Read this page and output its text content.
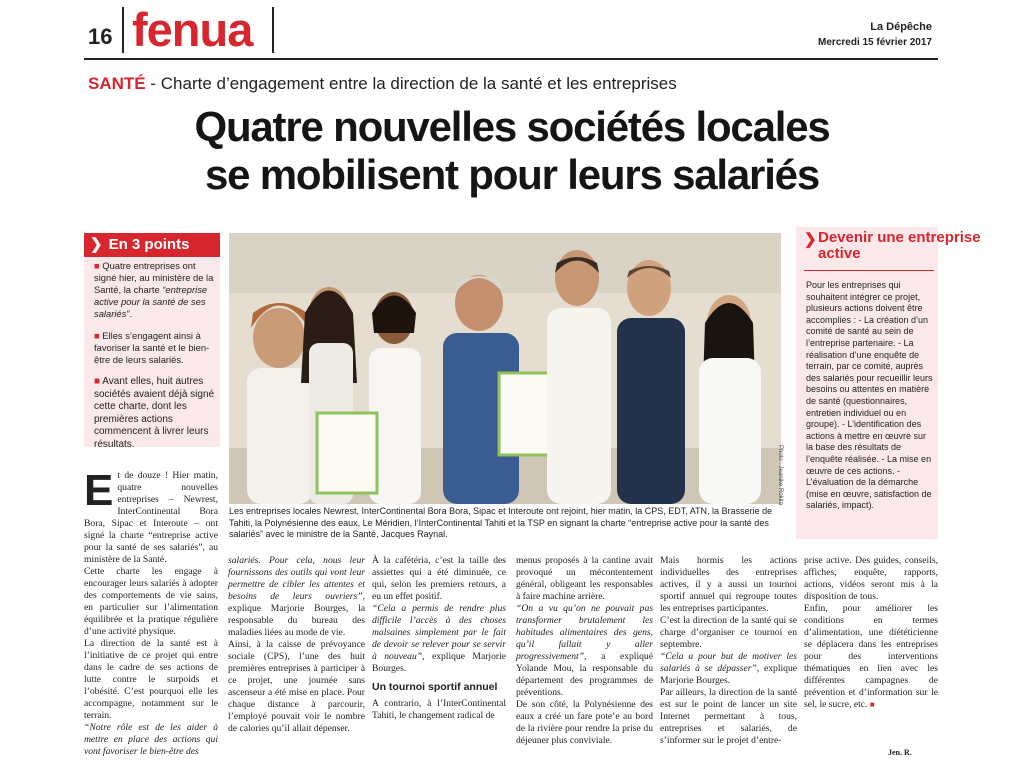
16 fenua	La Dépêche
Mercredi 15 février 2017
SANTÉ - Charte d’engagement entre la direction de la santé et les entreprises
Quatre nouvelles sociétés locales
se mobilisent pour leurs salariés
❯ En 3 points

■ Quatre entreprises ont signé hier, au ministère de la Santé, la charte “entreprise active pour la santé de ses salariés”.

■ Elles s’engagent ainsi à favoriser la santé et le bien-être de leurs salariés.

■ Avant elles, huit autres sociétés avaient déjà signé cette charte, dont les premières actions commencent à livrer leurs résultats.

Photo : Jeanike Rokita
Les entreprises locales Newrest, InterContinental Bora Bora, Sipac et Interoute ont rejoint, hier matin, la CPS, EDT, ATN, la Brasserie de Tahiti, la Polynésienne des eaux, Le Méridien, l’InterContinental Tahiti et la TSP en signant la charte “entreprise active pour la santé des salariés” avec le ministre de la Santé, Jacques Raynal.
❯ Devenir une entreprise active
Pour les entreprises qui souhaitent intégrer ce projet, plusieurs actions doivent être accomplies : - La création d’un comité de santé au sein de l’entreprise partenaire. - La réalisation d’une enquête de terrain, par ce comité, auprès des salariés pour recueillir leurs besoins ou attentes en matière de santé (questionnaires, entretien individuel ou en groupe). - L’identification des actions à mettre en œuvre sur la base des résultats de l’enquête réalisée. - La mise en œuvre de ces actions. - L’évaluation de la démarche (mise en œuvre, satisfaction de salariés, impact).
E t de douze ! Hier matin, quatre nouvelles entreprises – Newrest, InterContinental Bora Bora, Sipac et Interoute – ont signé la charte “entreprise active pour la santé de ses salariés”, au ministère de la Santé.

Cette charte les engage à encourager leurs salariés à adopter des comportements de vie sains, en particulier sur l’alimentation équilibrée et la pratique régulière d’une activité physique.

La direction de la santé est à l’initiative de ce projet qui entre dans le cadre de ses actions de lutte contre le surpoids et l’obésité. C’est pourquoi elle les accompagne, notamment sur le terrain.

“Notre rôle est de les aider à mettre en place des actions qui vont favoriser le bien-être des

salariés. Pour cela, nous leur fournissons des outils qui vont leur permettre de cibler les attentes et besoins de leurs ouvriers”, explique Marjorie Bourges, la responsable du bureau des maladies liées au mode de vie.

Ainsi, à la caisse de prévoyance sociale (CPS), l’une des huit premières entreprises à participer à ce projet, une journée sans ascenseur a été mise en place. Pour chaque distance à parcourir, l’employé pouvait voir le nombre de calories qu’il allait dépenser.

À la cafétéria, c’est la taille des assiettes qui a été diminuée, ce qui, selon les premiers retours, a eu un effet positif.

“Cela a permis de rendre plus difficile l’accès à des choses malsaines simplement par le fait de devoir se relever pour se servir à nouveau”, explique Marjorie Bourges.

Un tournoi sportif annuel

A contrario, à l’InterContinental Tahiti, le changement radical de

menus proposés à la cantine avait provoqué un mécontentement général, obligeant les responsables à faire machine arrière.

“On a vu qu’on ne pouvait pas transformer brutalement les habitudes alimentaires des gens, qu’il fallait y aller progressivement”, a expliqué Yolande Mou, la responsable du département des programmes de préventions.

De son côté, la Polynésienne des eaux a créé un fare pote’e au bord de la rivière pour rendre la prise du déjeuner plus conviviale.

Mais hormis les actions individuelles des entreprises actives, il y a aussi un tournoi sportif annuel qui regroupe toutes les entreprises participantes.

C’est la direction de la santé qui se charge d’organiser ce tournoi en septembre.

“Cela a pour but de motiver les salariés à se dépasser”, explique Marjorie Bourges.

Par ailleurs, la direction de la santé est sur le point de lancer un site Internet permettant à tous, entreprises et salariés, de s’informer sur le projet d’entre-

prise active. Des guides, conseils, affiches, enquête, rapports, actions, vidéos seront mis à la disposition de tous.

Enfin, pour améliorer les conditions en termes d’alimentation, une diététicienne se déplacera dans les entreprises pour des interventions thématiques en lien avec les différentes campagnes de prévention et d’information sur le sel, le sucre, etc. ■

Jen. R.
